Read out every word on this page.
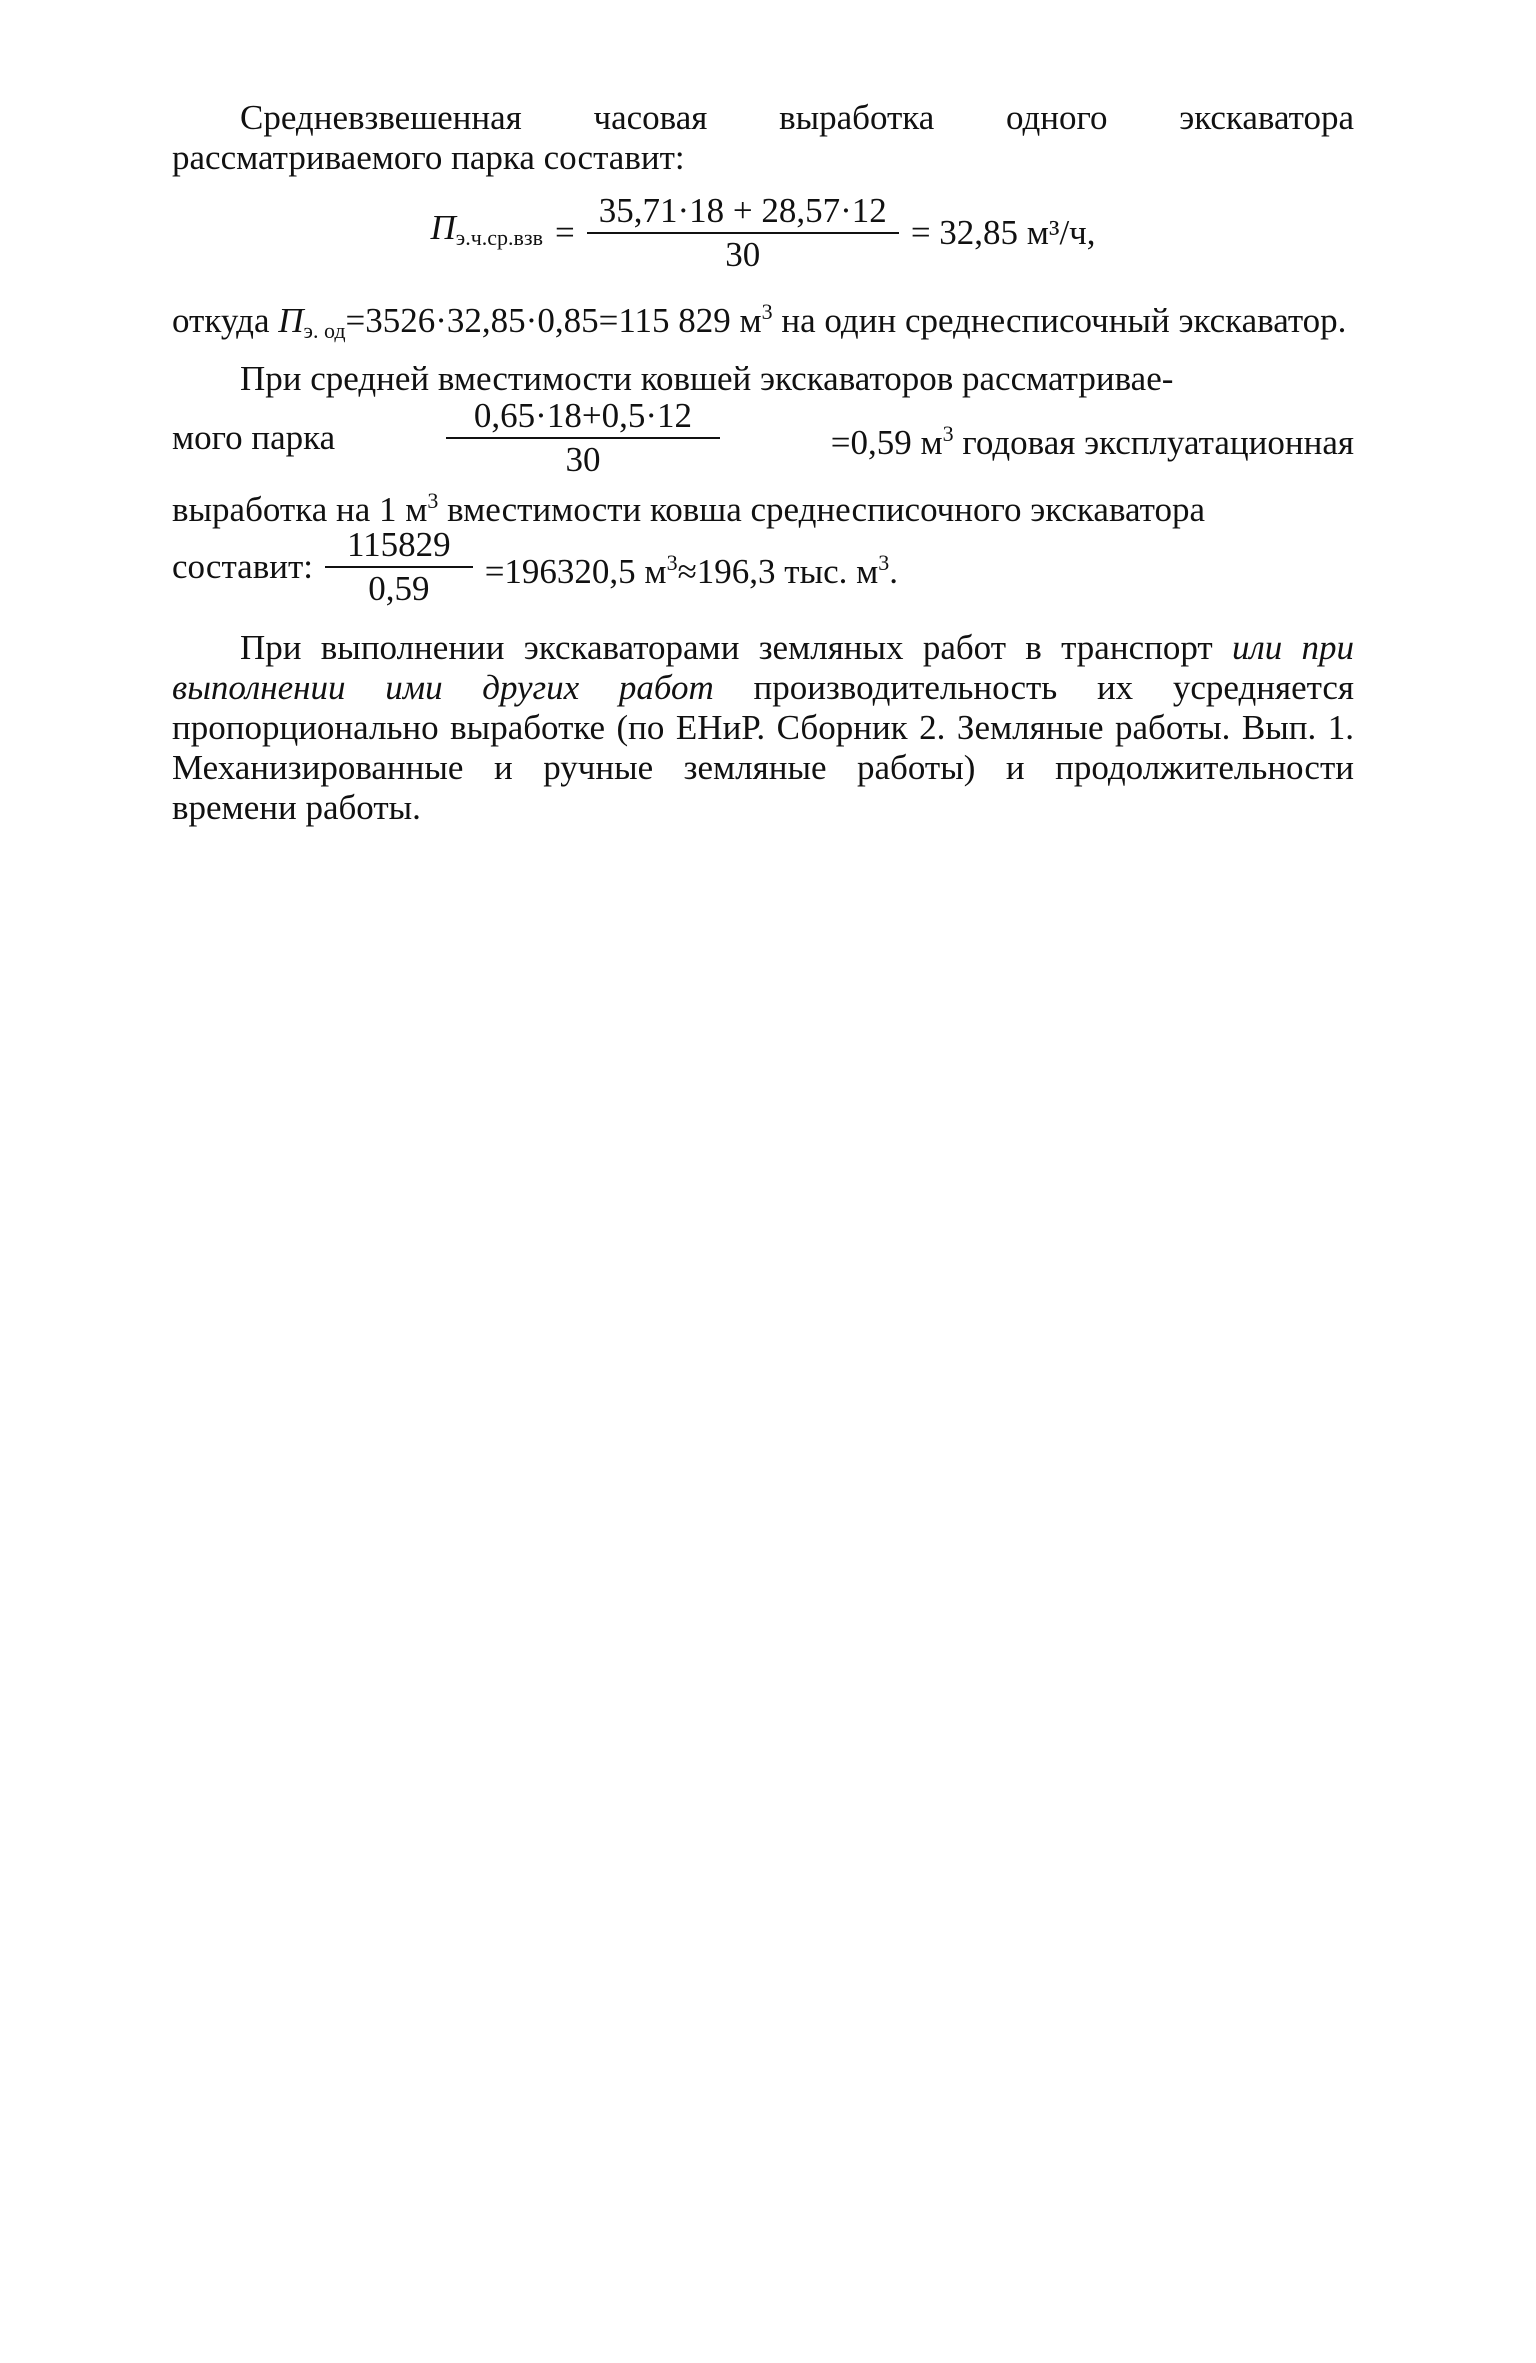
Средневзвешенная часовая выработка одного экскаватора рассматриваемого парка составит:

$П_{э.ч.ср.взв} = \frac{35,71\cdot 18 + 28,57\cdot 12}{30} = 32,85$ м³/ч,

откуда $П_{э. од}=3526\cdot 32,85\cdot 0,85=115$ 829 $м^3$ на один среднесписочный экскаватор.

При средней вместимости ковшей экскаваторов рассматривае-

мого парка	$\frac{0,65\cdot 18+0,5\cdot 12}{30}$	=0,59 $м^3$ годовая эксплуатационная

выработка на 1 $м^3$ вместимости ковша среднесписочного экскаватора

составит: $\frac{115829}{0,59} =196320,5$ $м^3\approx 196,3$ тыс. $м^3$.

При выполнении экскаваторами земляных работ в транспорт или при выполнении ими других работ производительность их усредняется пропорционально выработке (по ЕНиР. Сборник 2. Земляные работы. Вып. 1. Механизированные и ручные земляные работы) и продолжительности времени работы.
